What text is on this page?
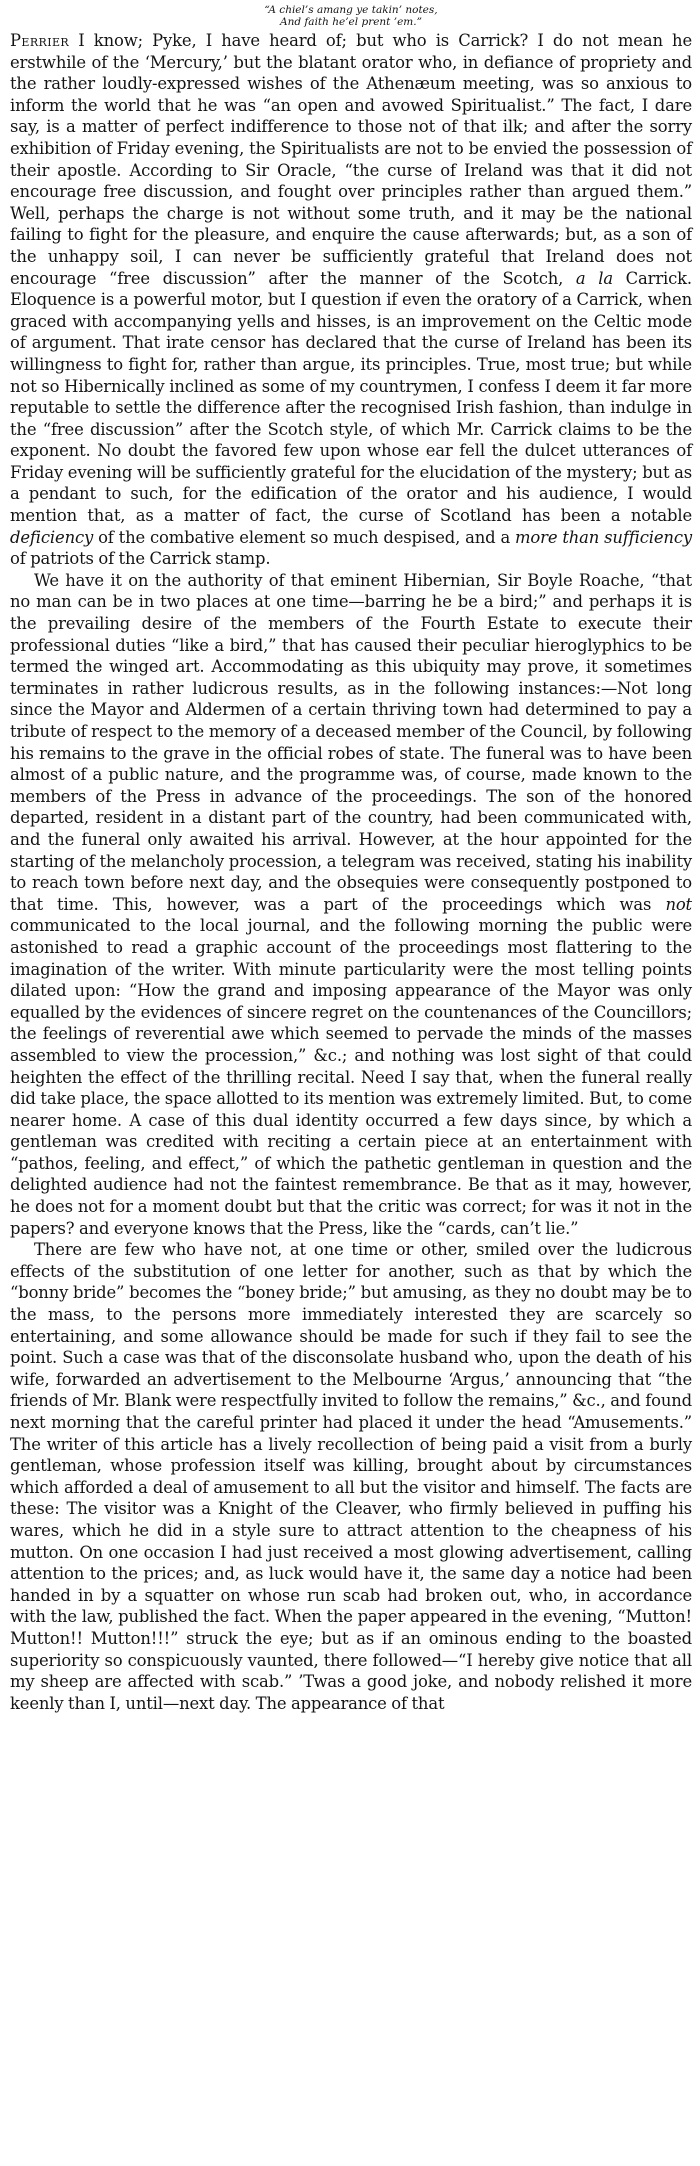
“A chiel’s amang ye takin’ notes,
And faith he’el prent ’em.”

Perrier I know; Pyke, I have heard of; but who is Carrick? I do not mean he erstwhile of the ‘Mercury,’ but the blatant orator who, in defiance of propriety and the rather loudly-expressed wishes of the Athenæum meeting, was so anxious to inform the world that he was “an open and avowed Spiritualist.” The fact, I dare say, is a matter of perfect indifference to those not of that ilk; and after the sorry exhibition of Friday evening, the Spiritualists are not to be envied the possession of their apostle. According to Sir Oracle, “the curse of Ireland was that it did not encourage free discussion, and fought over principles rather than argued them.” Well, perhaps the charge is not without some truth, and it may be the national failing to fight for the pleasure, and enquire the cause afterwards; but, as a son of the unhappy soil, I can never be sufficiently grateful that Ireland does not encourage “free discussion” after the manner of the Scotch, a la Carrick. Eloquence is a powerful motor, but I question if even the oratory of a Carrick, when graced with accompanying yells and hisses, is an improvement on the Celtic mode of argument. That irate censor has declared that the curse of Ireland has been its willingness to fight for, rather than argue, its principles. True, most true; but while not so Hibernically inclined as some of my countrymen, I confess I deem it far more reputable to settle the difference after the recognised Irish fashion, than indulge in the “free discussion” after the Scotch style, of which Mr. Carrick claims to be the exponent. No doubt the favored few upon whose ear fell the dulcet utterances of Friday evening will be sufficiently grateful for the elucidation of the mystery; but as a pendant to such, for the edification of the orator and his audience, I would mention that, as a matter of fact, the curse of Scotland has been a notable deficiency of the combative element so much despised, and a more than sufficiency of patriots of the Carrick stamp.

We have it on the authority of that eminent Hibernian, Sir Boyle Roache, “that no man can be in two places at one time—barring he be a bird;” and perhaps it is the prevailing desire of the members of the Fourth Estate to execute their professional duties “like a bird,” that has caused their peculiar hieroglyphics to be termed the winged art. Accommodating as this ubiquity may prove, it sometimes terminates in rather ludicrous results, as in the following instances:—Not long since the Mayor and Aldermen of a certain thriving town had determined to pay a tribute of respect to the memory of a deceased member of the Council, by following his remains to the grave in the official robes of state. The funeral was to have been almost of a public nature, and the programme was, of course, made known to the members of the Press in advance of the proceedings. The son of the honored departed, resident in a distant part of the country, had been communicated with, and the funeral only awaited his arrival. However, at the hour appointed for the starting of the melancholy procession, a telegram was received, stating his inability to reach town before next day, and the obsequies were consequently postponed to that time. This, however, was a part of the proceedings which was not communicated to the local journal, and the following morning the public were astonished to read a graphic account of the proceedings most flattering to the imagination of the writer. With minute particularity were the most telling points dilated upon: “How the grand and imposing appearance of the Mayor was only equalled by the evidences of sincere regret on the countenances of the Councillors; the feelings of reverential awe which seemed to pervade the minds of the masses assembled to view the procession,” &c.; and nothing was lost sight of that could heighten the effect of the thrilling recital. Need I say that, when the funeral really did take place, the space allotted to its mention was extremely limited. But, to come nearer home. A case of this dual identity occurred a few days since, by which a gentleman was credited with reciting a certain piece at an entertainment with “pathos, feeling, and effect,” of which the pathetic gentleman in question and the delighted audience had not the faintest remembrance. Be that as it may, however, he does not for a moment doubt but that the critic was correct; for was it not in the papers? and everyone knows that the Press, like the “cards, can’t lie.”

There are few who have not, at one time or other, smiled over the ludicrous effects of the substitution of one letter for another, such as that by which the “bonny bride” becomes the “boney bride;” but amusing, as they no doubt may be to the mass, to the persons more immediately interested they are scarcely so entertaining, and some allowance should be made for such if they fail to see the point. Such a case was that of the disconsolate husband who, upon the death of his wife, forwarded an advertisement to the Melbourne ‘Argus,’ announcing that “the friends of Mr. Blank were respectfully invited to follow the remains,” &c., and found next morning that the careful printer had placed it under the head “Amusements.” The writer of this article has a lively recollection of being paid a visit from a burly gentleman, whose profession itself was killing, brought about by circumstances which afforded a deal of amusement to all but the visitor and himself. The facts are these: The visitor was a Knight of the Cleaver, who firmly believed in puffing his wares, which he did in a style sure to attract attention to the cheapness of his mutton. On one occasion I had just received a most glowing advertisement, calling attention to the prices; and, as luck would have it, the same day a notice had been handed in by a squatter on whose run scab had broken out, who, in accordance with the law, published the fact. When the paper appeared in the evening, “Mutton! Mutton!! Mutton!!!” struck the eye; but as if an ominous ending to the boasted superiority so conspicuously vaunted, there followed—“I hereby give notice that all my sheep are affected with scab.” ’Twas a good joke, and nobody relished it more keenly than I, until—next day. The appearance of that
